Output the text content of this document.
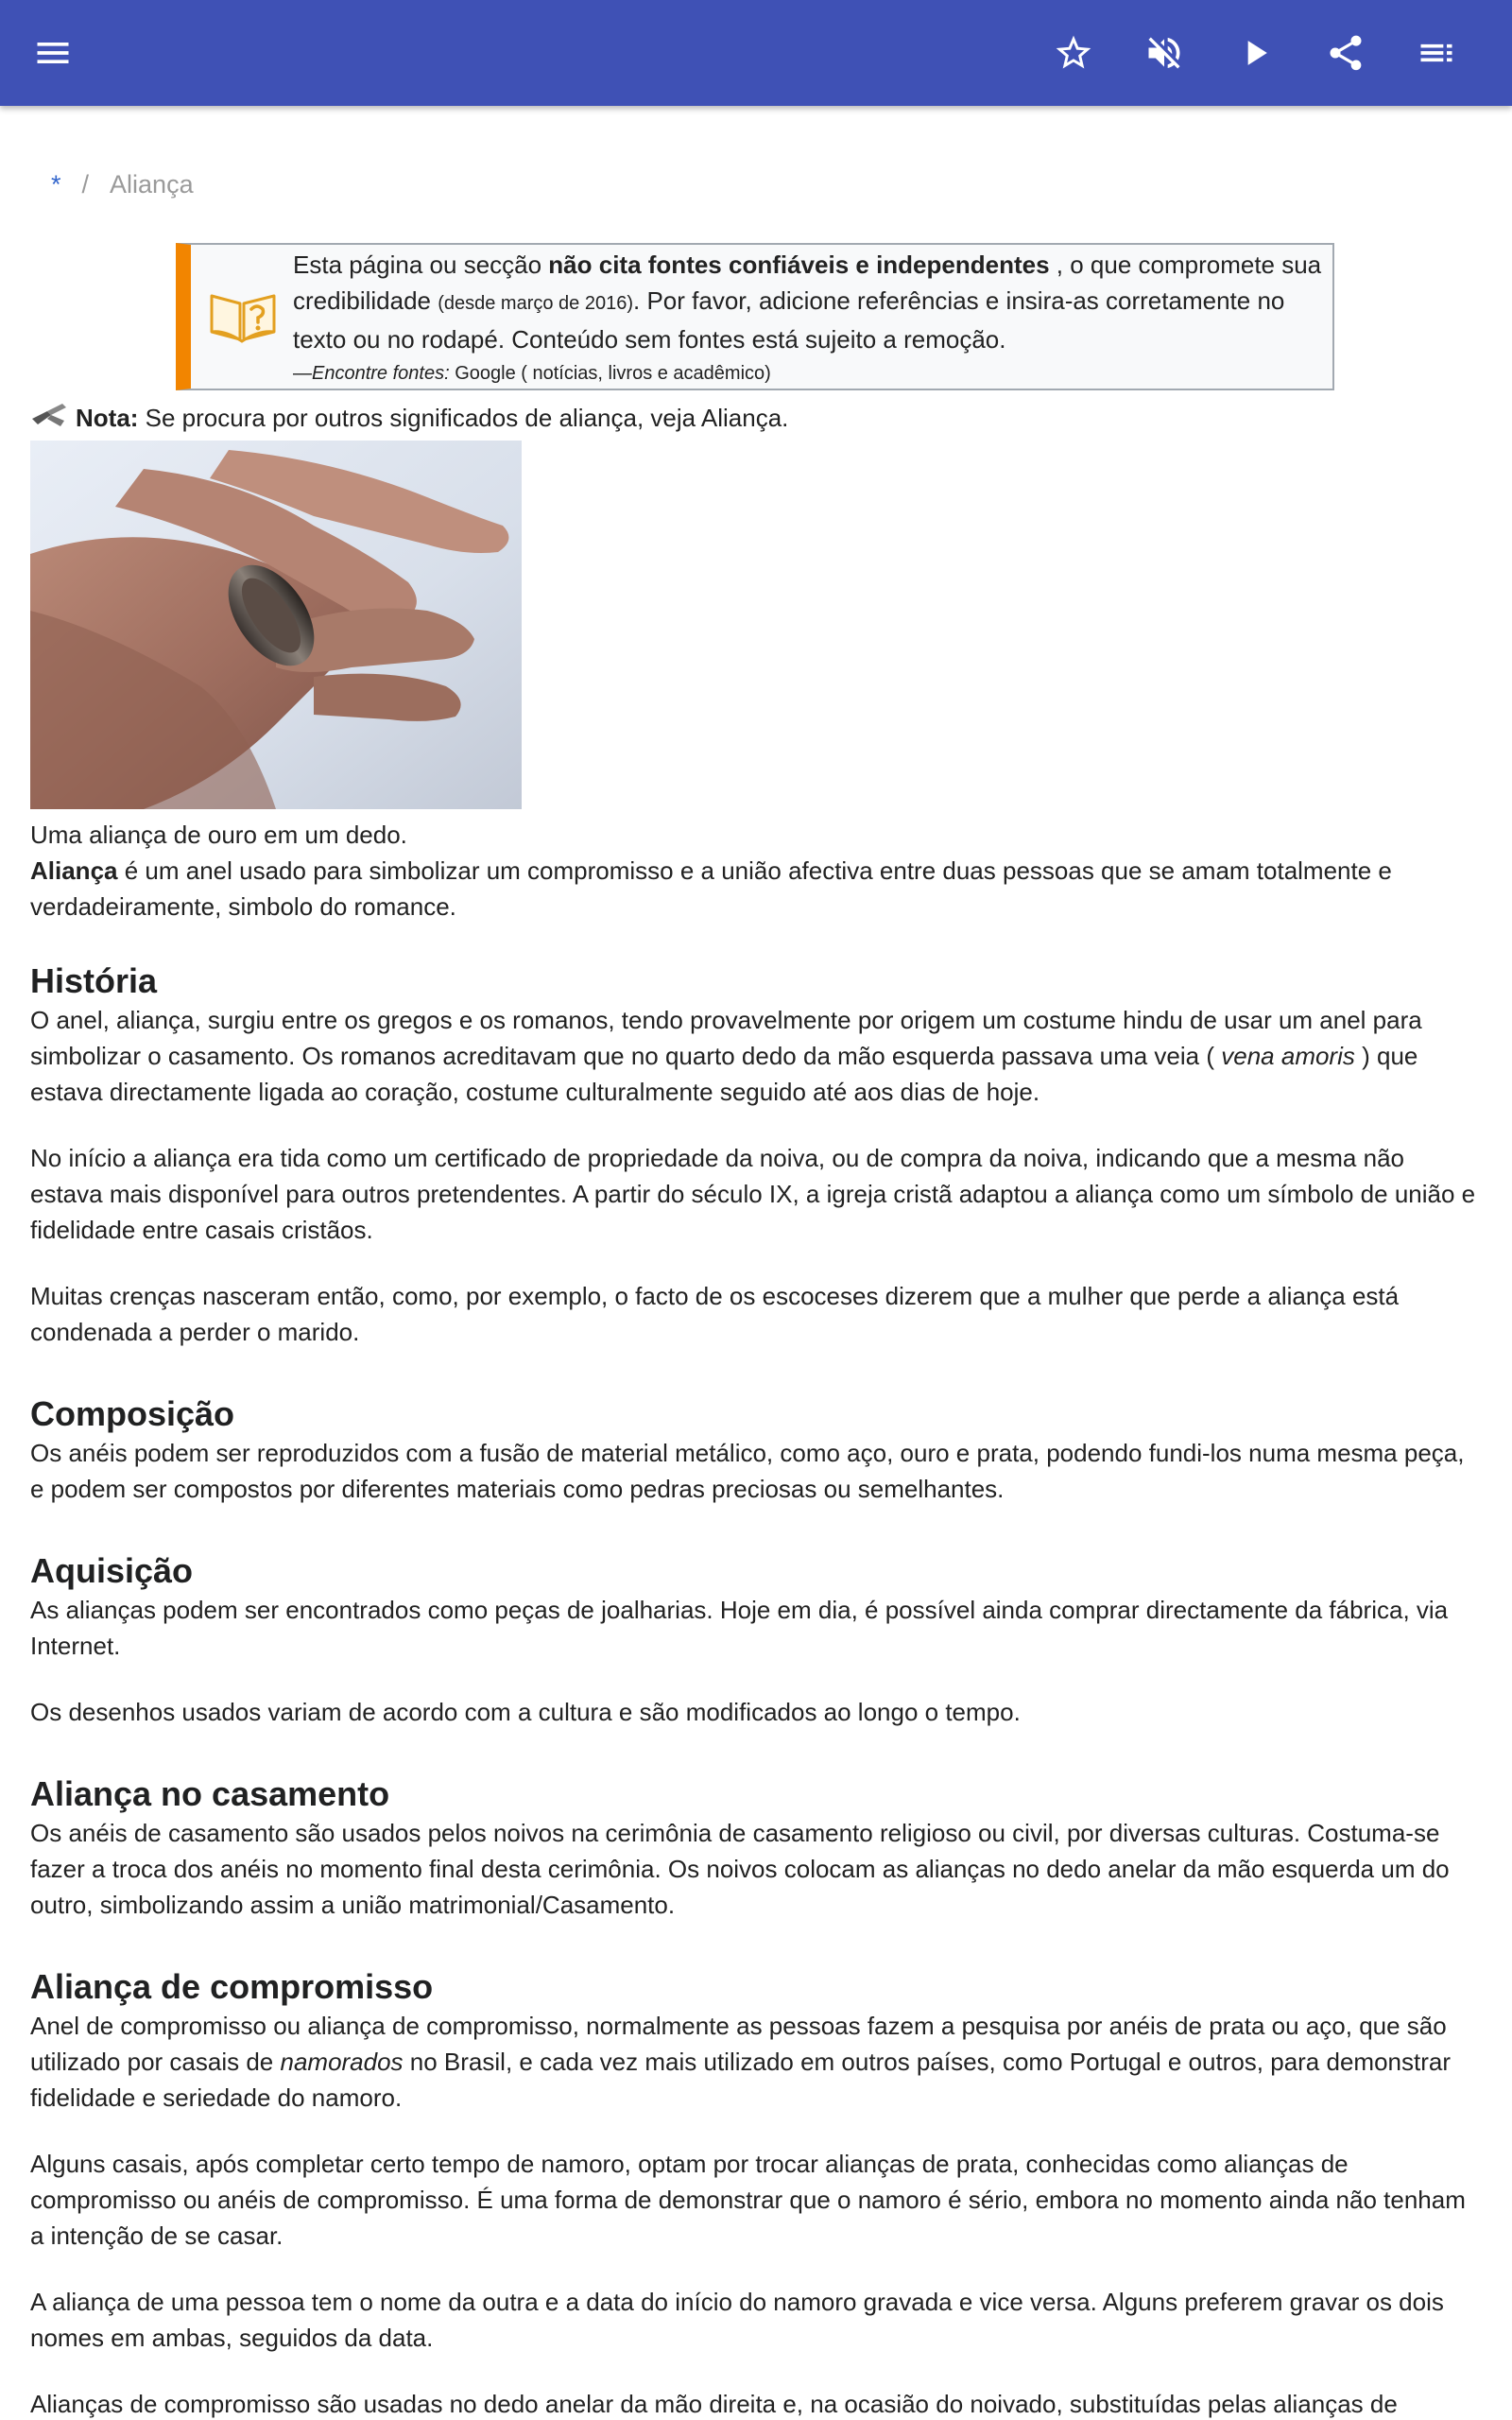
* / Aliança
Esta página ou secção não cita fontes confiáveis e independentes , o que compromete sua credibilidade (desde março de 2016). Por favor, adicione referências e insira-as corretamente no texto ou no rodapé. Conteúdo sem fontes está sujeito a remoção.
—Encontre fontes: Google ( notícias, livros e acadêmico)
Nota: Se procura por outros significados de aliança, veja Aliança.
Uma aliança de ouro em um dedo.

Aliança é um anel usado para simbolizar um compromisso e a união afectiva entre duas pessoas que se amam totalmente e verdadeiramente, simbolo do romance.

História

O anel, aliança, surgiu entre os gregos e os romanos, tendo provavelmente por origem um costume hindu de usar um anel para simbolizar o casamento. Os romanos acreditavam que no quarto dedo da mão esquerda passava uma veia ( vena amoris ) que estava directamente ligada ao coração, costume culturalmente seguido até aos dias de hoje.

No início a aliança era tida como um certificado de propriedade da noiva, ou de compra da noiva, indicando que a mesma não estava mais disponível para outros pretendentes. A partir do século IX, a igreja cristã adaptou a aliança como um símbolo de união e fidelidade entre casais cristãos.

Muitas crenças nasceram então, como, por exemplo, o facto de os escoceses dizerem que a mulher que perde a aliança está condenada a perder o marido.

Composição

Os anéis podem ser reproduzidos com a fusão de material metálico, como aço, ouro e prata, podendo fundi-los numa mesma peça, e podem ser compostos por diferentes materiais como pedras preciosas ou semelhantes.

Aquisição

As alianças podem ser encontrados como peças de joalharias. Hoje em dia, é possível ainda comprar directamente da fábrica, via Internet.

Os desenhos usados variam de acordo com a cultura e são modificados ao longo o tempo.

Aliança no casamento

Os anéis de casamento são usados pelos noivos na cerimônia de casamento religioso ou civil, por diversas culturas. Costuma-se fazer a troca dos anéis no momento final desta cerimônia. Os noivos colocam as alianças no dedo anelar da mão esquerda um do outro, simbolizando assim a união matrimonial/Casamento.

Aliança de compromisso

Anel de compromisso ou aliança de compromisso, normalmente as pessoas fazem a pesquisa por anéis de prata ou aço, que são utilizado por casais de namorados no Brasil, e cada vez mais utilizado em outros países, como Portugal e outros, para demonstrar fidelidade e seriedade do namoro.

Alguns casais, após completar certo tempo de namoro, optam por trocar alianças de prata, conhecidas como alianças de compromisso ou anéis de compromisso. É uma forma de demonstrar que o namoro é sério, embora no momento ainda não tenham a intenção de se casar.

A aliança de uma pessoa tem o nome da outra e a data do início do namoro gravada e vice versa. Alguns preferem gravar os dois nomes em ambas, seguidos da data.

Alianças de compromisso são usadas no dedo anelar da mão direita e, na ocasião do noivado, substituídas pelas alianças de
